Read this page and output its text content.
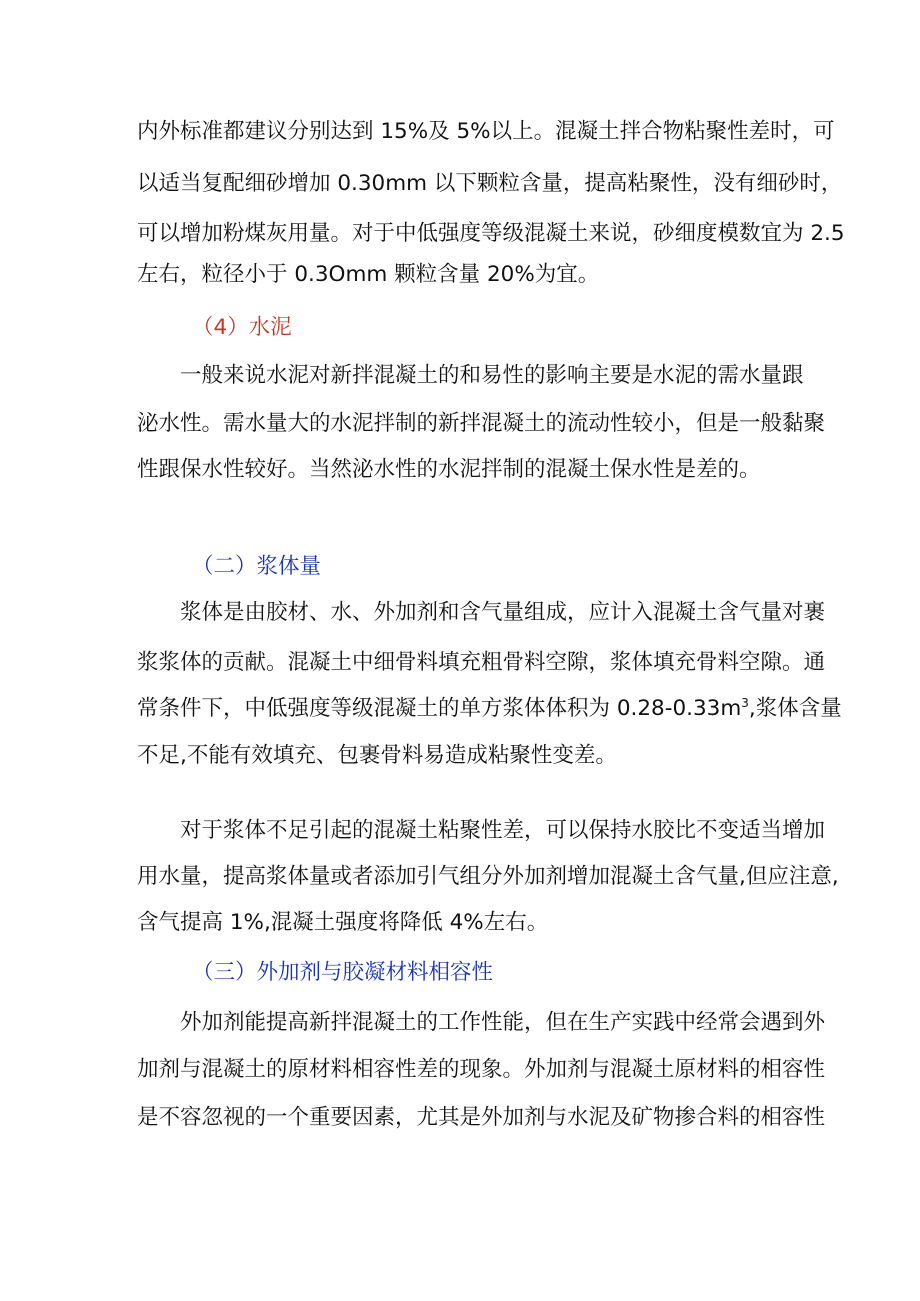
内外标准都建议分别达到 15%及 5%以上。混凝土拌合物粘聚性差时，可
以适当复配细砂增加 0.30mm 以下颗粒含量，提高粘聚性，没有细砂时，
可以增加粉煤灰用量。对于中低强度等级混凝土来说，砂细度模数宜为 2.5
左右，粒径小于 0.3Omm 颗粒含量 20%为宜。
（4）水泥
一般来说水泥对新拌混凝土的和易性的影响主要是水泥的需水量跟
泌水性。需水量大的水泥拌制的新拌混凝土的流动性较小，但是一般黏聚
性跟保水性较好。当然泌水性的水泥拌制的混凝土保水性是差的。
（二）浆体量
浆体是由胶材、水、外加剂和含气量组成，应计入混凝土含气量对裹
浆浆体的贡献。混凝土中细骨料填充粗骨料空隙，浆体填充骨料空隙。通
常条件下，中低强度等级混凝土的单方浆体体积为 $0.28-0.33m^3$,浆体含量
不足,不能有效填充、包裹骨料易造成粘聚性变差。
对于浆体不足引起的混凝土粘聚性差，可以保持水胶比不变适当增加
用水量，提高浆体量或者添加引气组分外加剂增加混凝土含气量,但应注意,
含气提高 1%,混凝土强度将降低 4%左右。
（三）外加剂与胶凝材料相容性
外加剂能提高新拌混凝土的工作性能，但在生产实践中经常会遇到外
加剂与混凝土的原材料相容性差的现象。外加剂与混凝土原材料的相容性
是不容忽视的一个重要因素，尤其是外加剂与水泥及矿物掺合料的相容性
